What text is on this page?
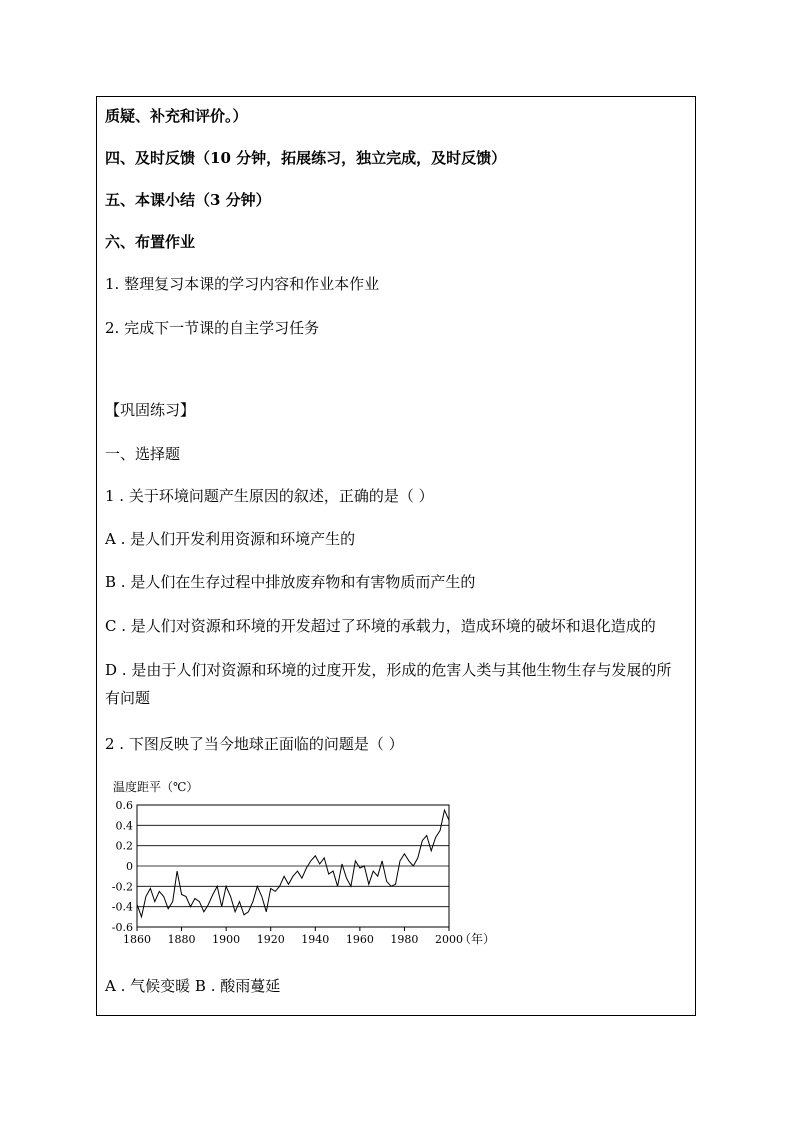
质疑、补充和评价。）
四、及时反馈（10 分钟，拓展练习，独立完成，及时反馈）
五、本课小结（3 分钟）
六、布置作业
1. 整理复习本课的学习内容和作业本作业
2. 完成下一节课的自主学习任务
【巩固练习】
一、选择题
1 . 关于环境问题产生原因的叙述，正确的是（ ）
A . 是人们开发利用资源和环境产生的
B . 是人们在生存过程中排放废弃物和有害物质而产生的
C . 是人们对资源和环境的开发超过了环境的承载力，造成环境的破坏和退化造成的
D . 是由于人们对资源和环境的过度开发，形成的危害人类与其他生物生存与发展的所
有问题
2 . 下图反映了当今地球正面临的问题是（ ）
A . 气候变暖 B . 酸雨蔓延
温度距平（℃）
0.6
0.4
0.2
0
-0.2
-0.4
-0.6
1860 1880 1900 1920 1940 1960 1980 2000
（年）
